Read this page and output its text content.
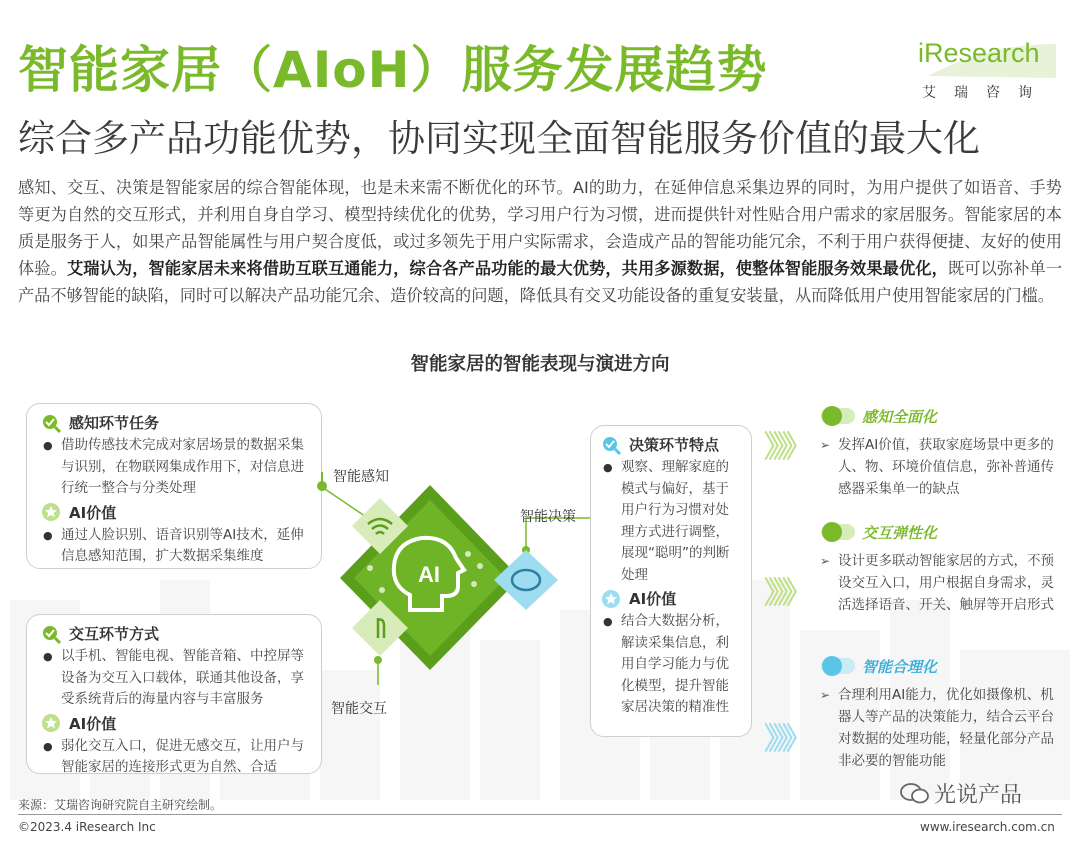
智能家居（AIoH）服务发展趋势	iResearch
艾瑞咨询
综合多产品功能优势，协同实现全面智能服务价值的最大化
感知、交互、决策是智能家居的综合智能体现，也是未来需不断优化的环节。AI的助力，在延伸信息采集边界的同时，为用户提供了如语音、手势等更为自然的交互形式，并利用自身自学习、模型持续优化的优势，学习用户行为习惯，进而提供针对性贴合用户需求的家居服务。智能家居的本质是服务于人，如果产品智能属性与用户契合度低，或过多领先于用户实际需求，会造成产品的智能功能冗余，不利于用户获得便捷、友好的使用体验。艾瑞认为，智能家居未来将借助互联互通能力，综合各产品功能的最大优势，共用多源数据，使整体智能服务效果最优化，既可以弥补单一产品不够智能的缺陷，同时可以解决产品功能冗余、造价较高的问题，降低具有交叉功能设备的重复安装量，从而降低用户使用智能家居的门槛。
智能家居的智能表现与演进方向
感知环节任务
● 借助传感技术完成对家居场景的数据采集与识别，在物联网集成作用下，对信息进行统一整合与分类处理
AI价值
● 通过人脸识别、语音识别等AI技术，延伸信息感知范围，扩大数据采集维度
交互环节方式
● 以手机、智能电视、智能音箱、中控屏等设备为交互入口载体，联通其他设备，享受系统背后的海量内容与丰富服务
AI价值
● 弱化交互入口，促进无感交互，让用户与智能家居的连接形式更为自然、合适
决策环节特点
● 观察、理解家庭的模式与偏好，基于用户行为习惯对处理方式进行调整，展现“聪明”的判断处理
AI价值
● 结合大数据分析，解读采集信息，利用自学习能力与优化模型，提升智能家居决策的精准性
AI
智能感知
智能交互
智能决策
》》》
》》》
》》》
感知全面化
➢ 发挥AI价值，获取家庭场景中更多的人、物、环境价值信息，弥补普通传感器采集单一的缺点
交互弹性化
➢ 设计更多联动智能家居的方式，不预设交互入口，用户根据自身需求，灵活选择语音、开关、触屏等开启形式
智能合理化
➢ 合理利用AI能力，优化如摄像机、机器人等产品的决策能力，结合云平台对数据的处理功能，轻量化部分产品非必要的智能功能
光说产品
来源：艾瑞咨询研究院自主研究绘制。
©2023.4 iResearch Inc	www.iresearch.com.cn
